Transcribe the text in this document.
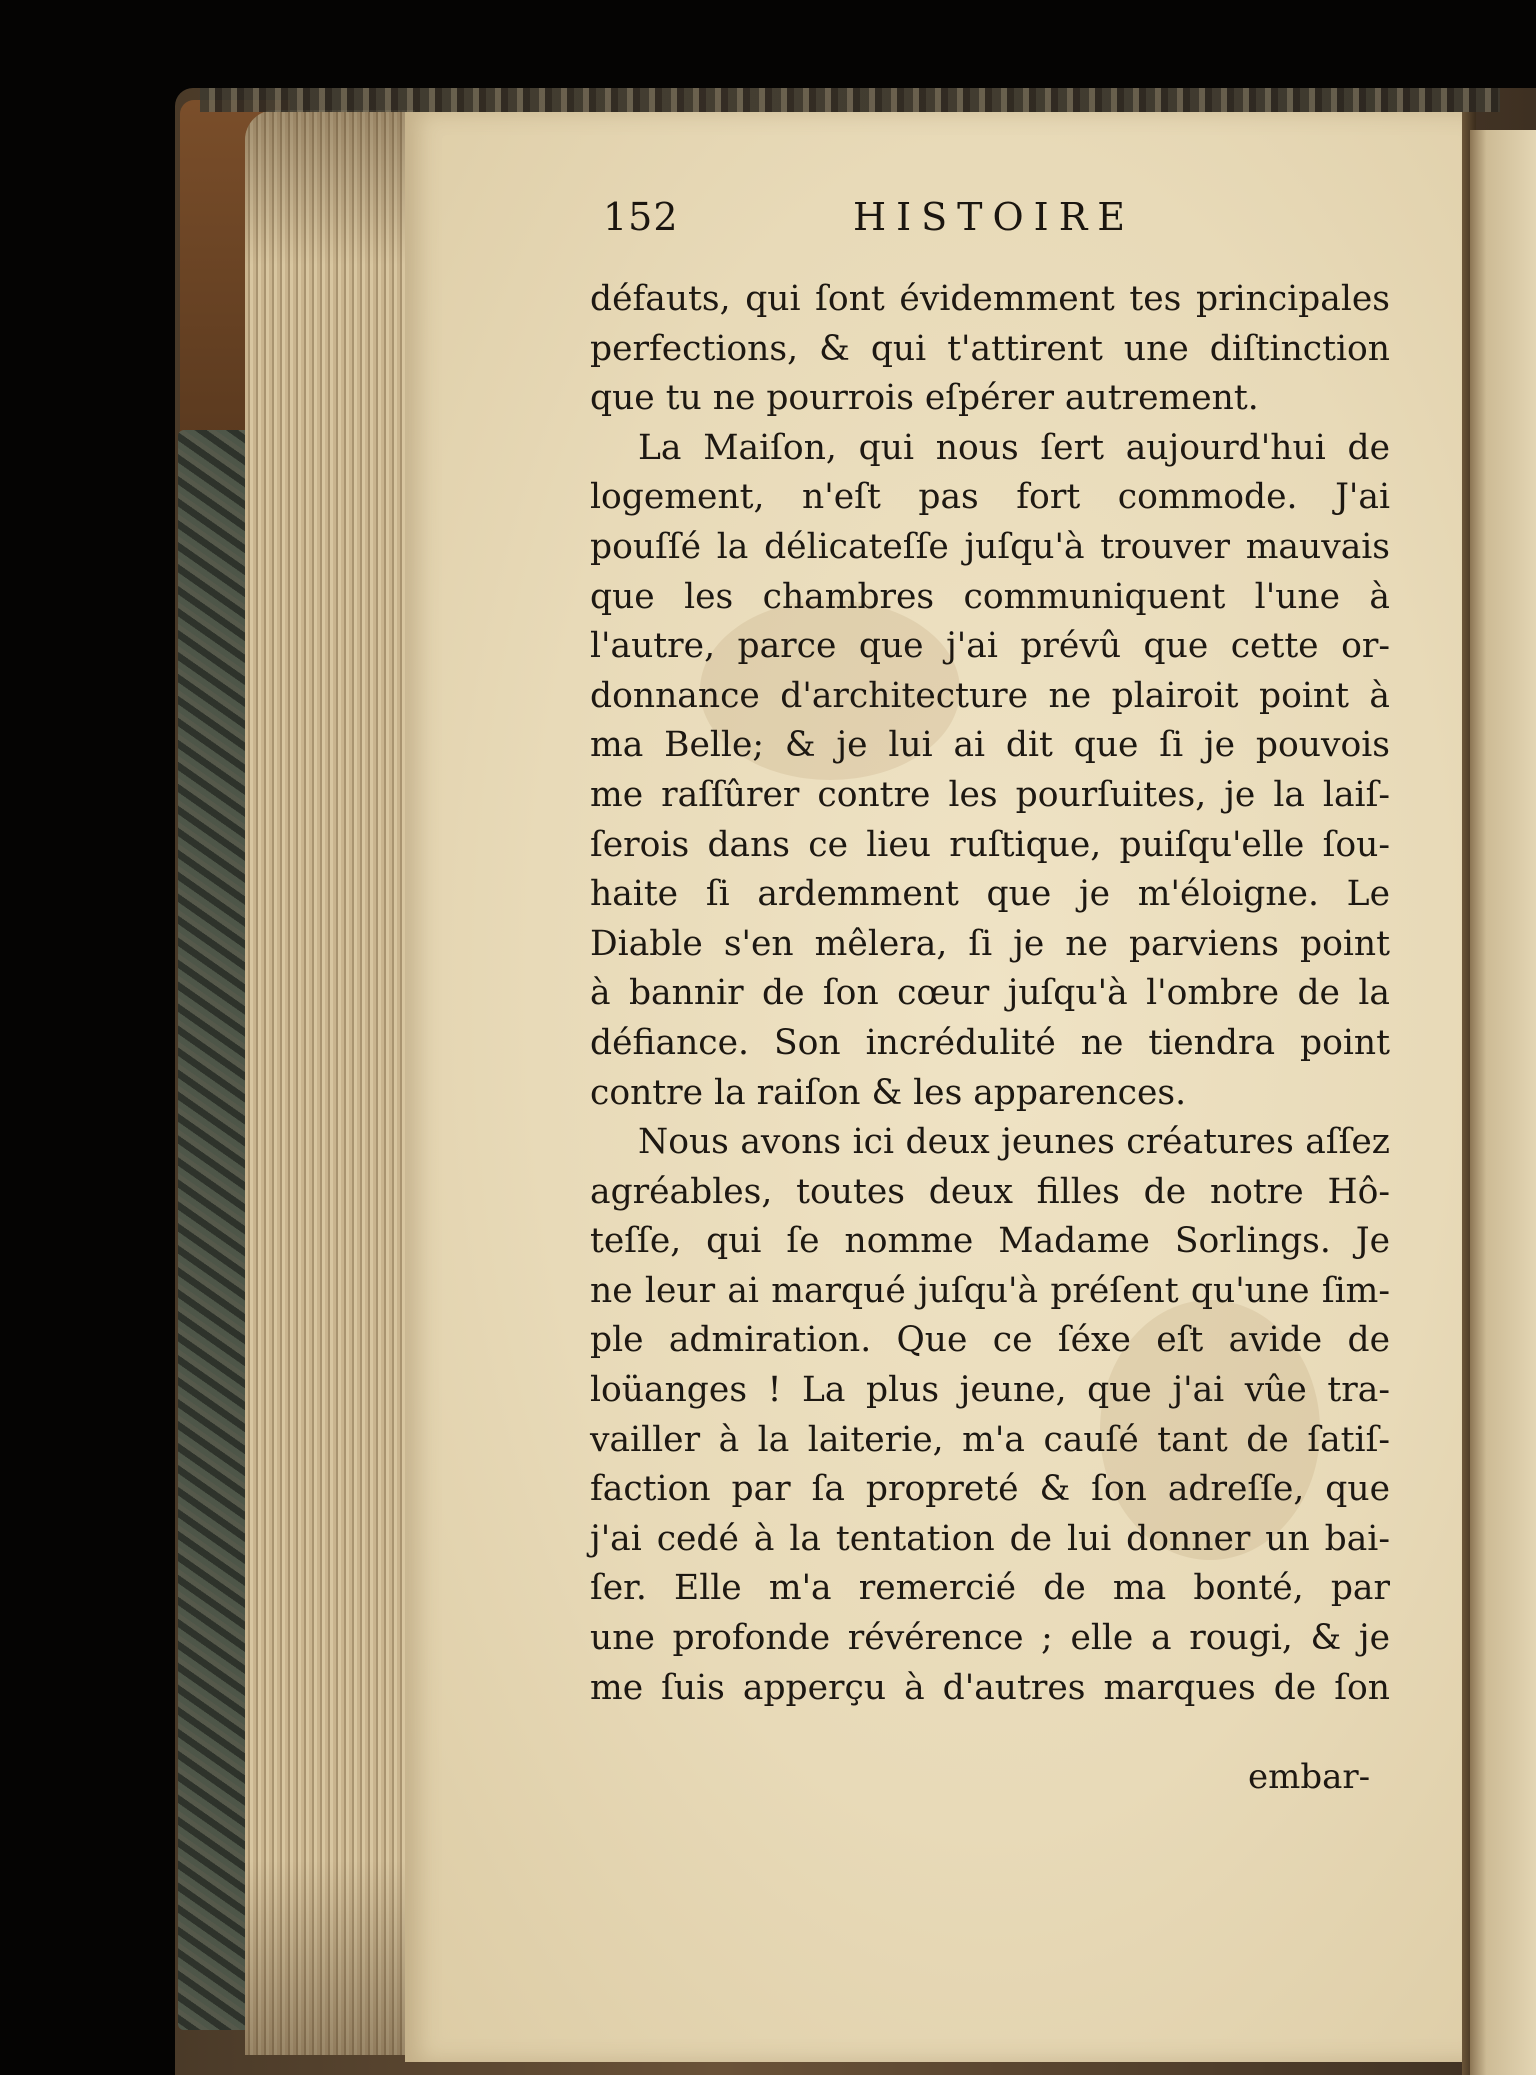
152	HISTOIRE
défauts, qui ſont évidemment tes principales
perfections, & qui t'attirent une diſtinction
que tu ne pourrois eſpérer autrement.
La Maiſon, qui nous ſert aujourd'hui de
logement, n'eſt pas fort commode. J'ai
pouſſé la délicateſſe juſqu'à trouver mauvais
que les chambres communiquent l'une à
l'autre, parce que j'ai prévû que cette or-
donnance d'architecture ne plairoit point à
ma Belle; & je lui ai dit que ſi je pouvois
me raſſûrer contre les pourſuites, je la laiſ-
ſerois dans ce lieu ruſtique, puiſqu'elle ſou-
haite ſi ardemment que je m'éloigne. Le
Diable s'en mêlera, ſi je ne parviens point
à bannir de ſon cœur juſqu'à l'ombre de la
défiance. Son incrédulité ne tiendra point
contre la raiſon & les apparences.
Nous avons ici deux jeunes créatures aſſez
agréables, toutes deux filles de notre Hô-
teſſe, qui ſe nomme Madame Sorlings. Je
ne leur ai marqué juſqu'à préſent qu'une ſim-
ple admiration. Que ce ſéxe eſt avide de
loüanges ! La plus jeune, que j'ai vûe tra-
vailler à la laiterie, m'a cauſé tant de ſatiſ-
faction par ſa propreté & ſon adreſſe, que
j'ai cedé à la tentation de lui donner un bai-
ſer. Elle m'a remercié de ma bonté, par
une profonde révérence ; elle a rougi, & je
me ſuis apperçu à d'autres marques de ſon
embar-
